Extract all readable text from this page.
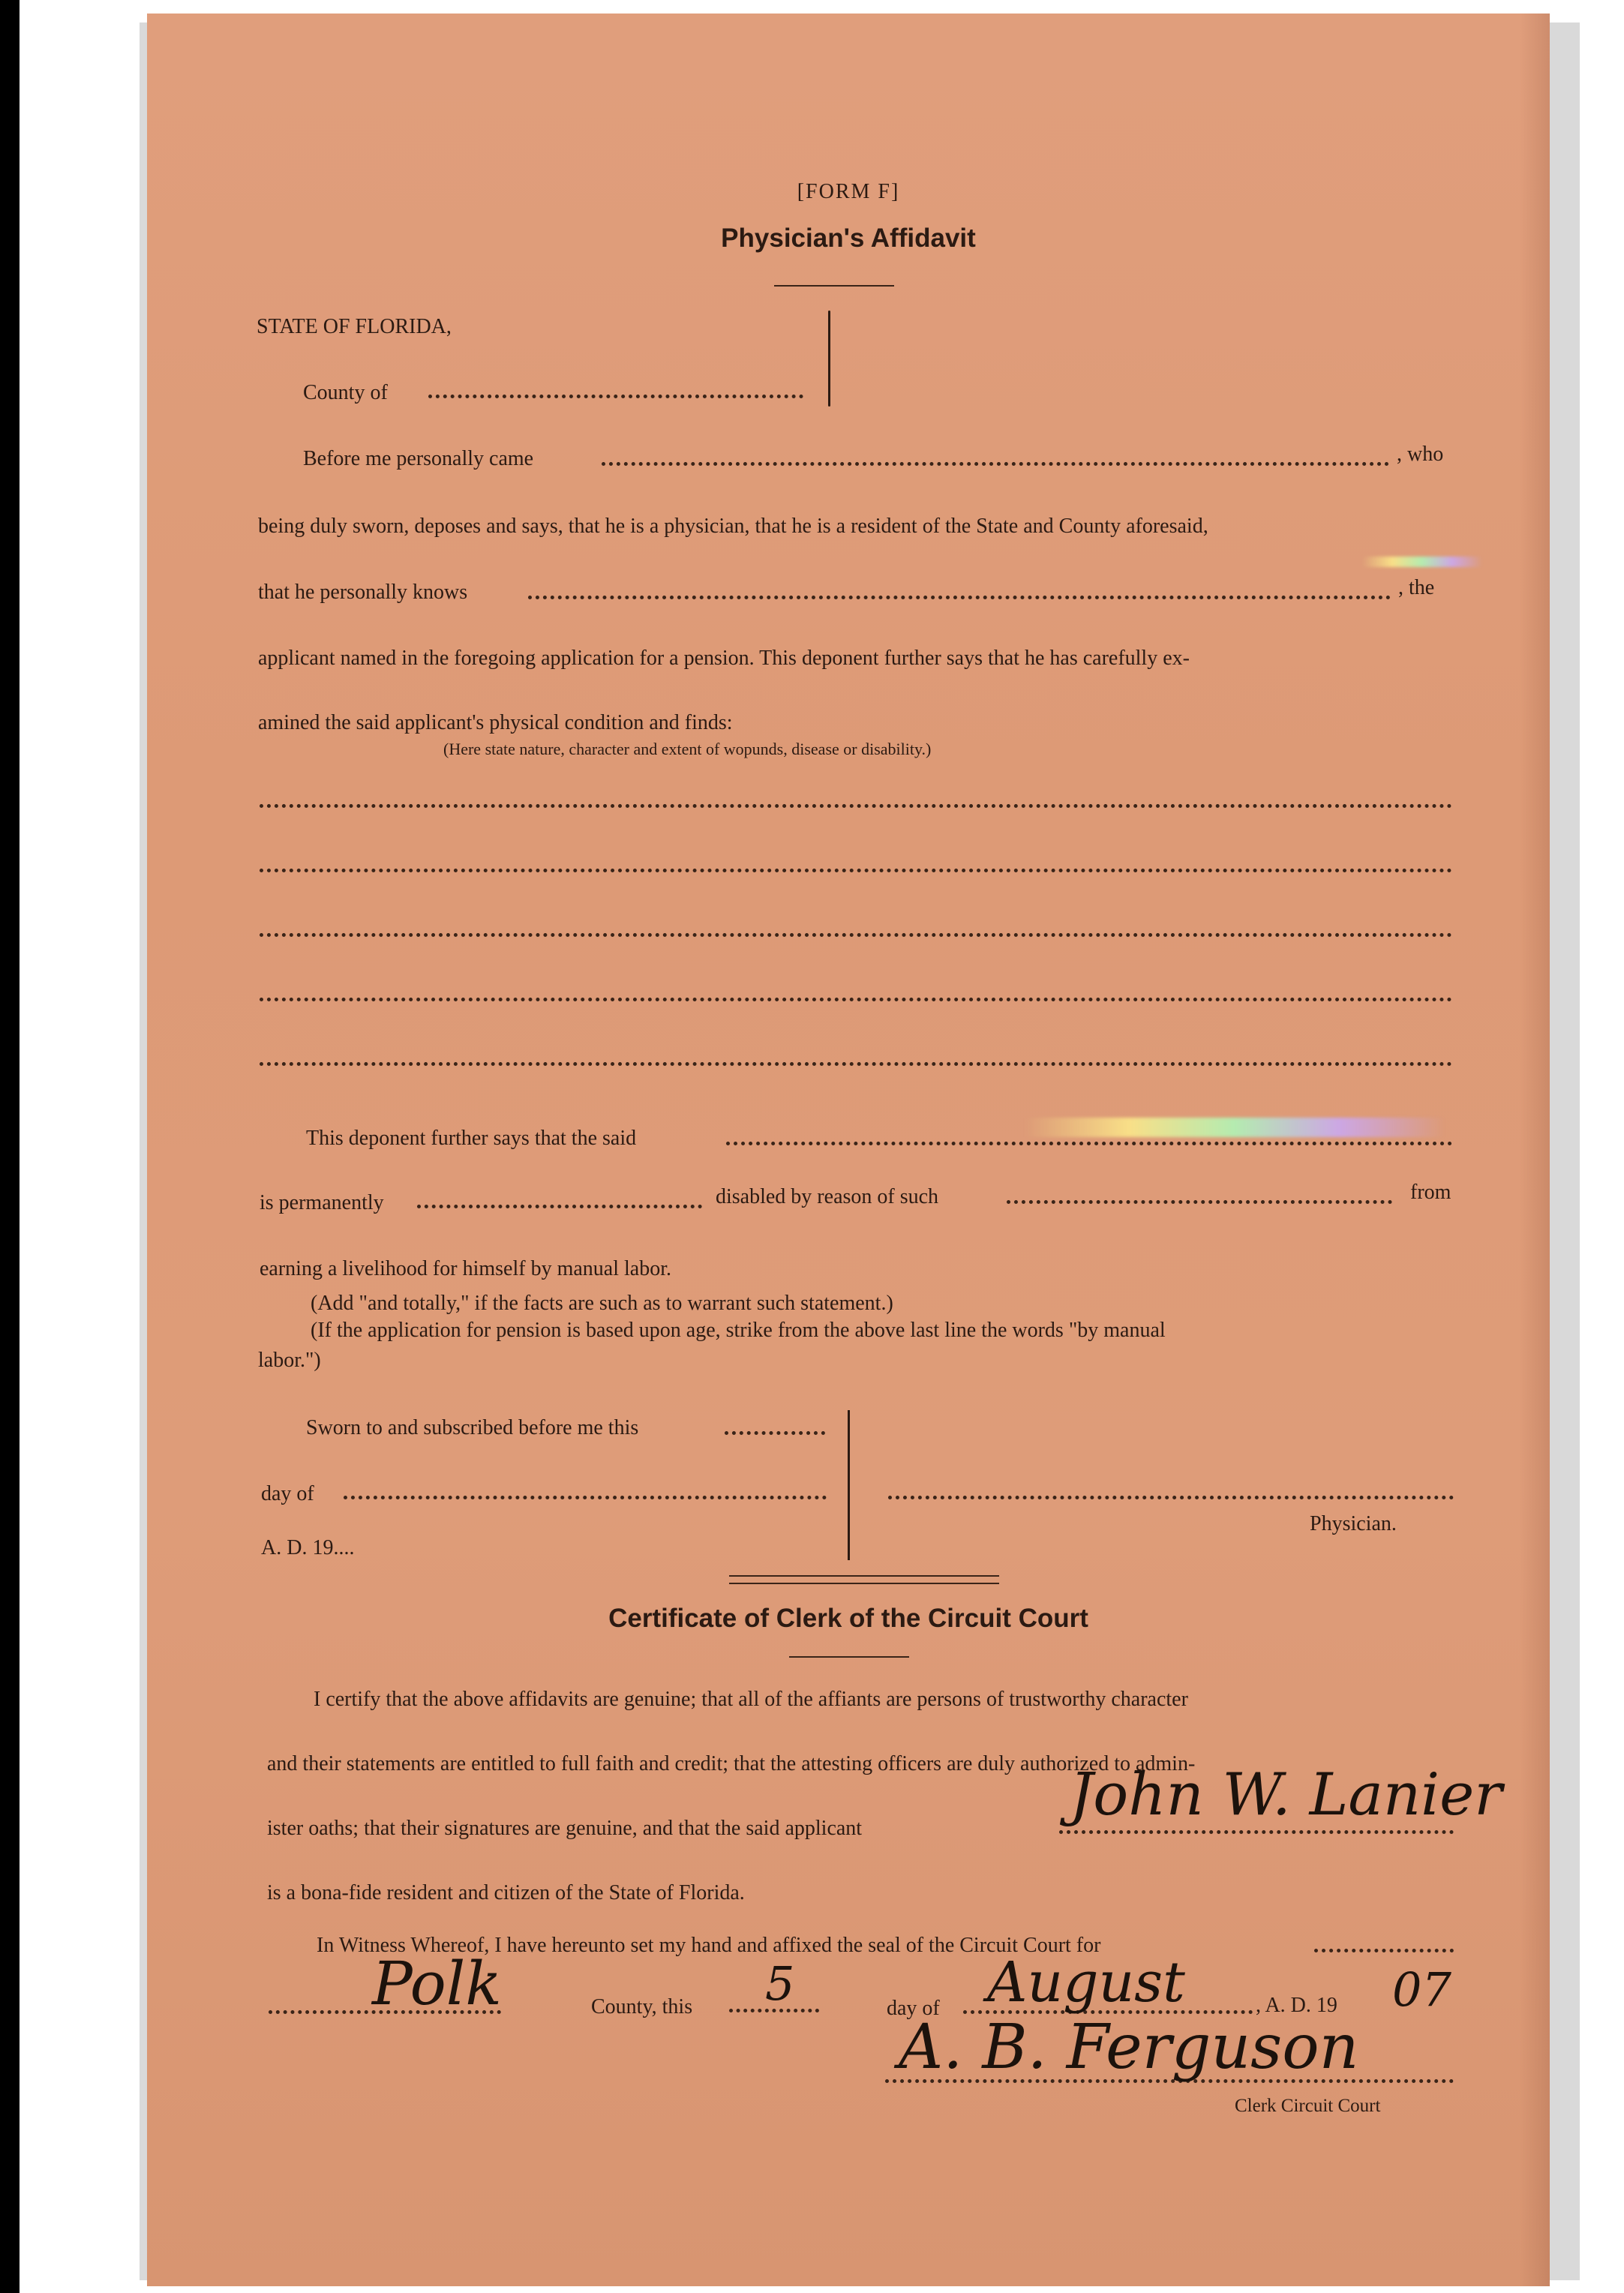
[FORM F]
Physician's Affidavit
STATE OF FLORIDA,
County of
Before me personally came	, who
being duly sworn, deposes and says, that he is a physician, that he is a resident of the State and County aforesaid,
that he personally knows	, the
applicant named in the foregoing application for a pension. This deponent further says that he has carefully ex-
amined the said applicant's physical condition and finds:
(Here state nature, character and extent of wopunds, disease or disability.)
This deponent further says that the said
is permanently	disabled by reason of such	from
earning a livelihood for himself by manual labor.
(Add "and totally," if the facts are such as to warrant such statement.)
(If the application for pension is based upon age, strike from the above last line the words "by manual
labor.")
Sworn to and subscribed before me this
day of
A. D. 19....
Physician.
Certificate of Clerk of the Circuit Court
I certify that the above affidavits are genuine; that all of the affiants are persons of trustworthy character
and their statements are entitled to full faith and credit; that the attesting officers are duly authorized to admin-
ister oaths; that their signatures are genuine, and that the said applicant	John W. Lanier
is a bona-fide resident and citizen of the State of Florida.
In Witness Whereof, I have hereunto set my hand and affixed the seal of the Circuit Court for
Polk	County, this 5	day of August	, A. D. 19 07
A. B. Ferguson
Clerk Circuit Court
